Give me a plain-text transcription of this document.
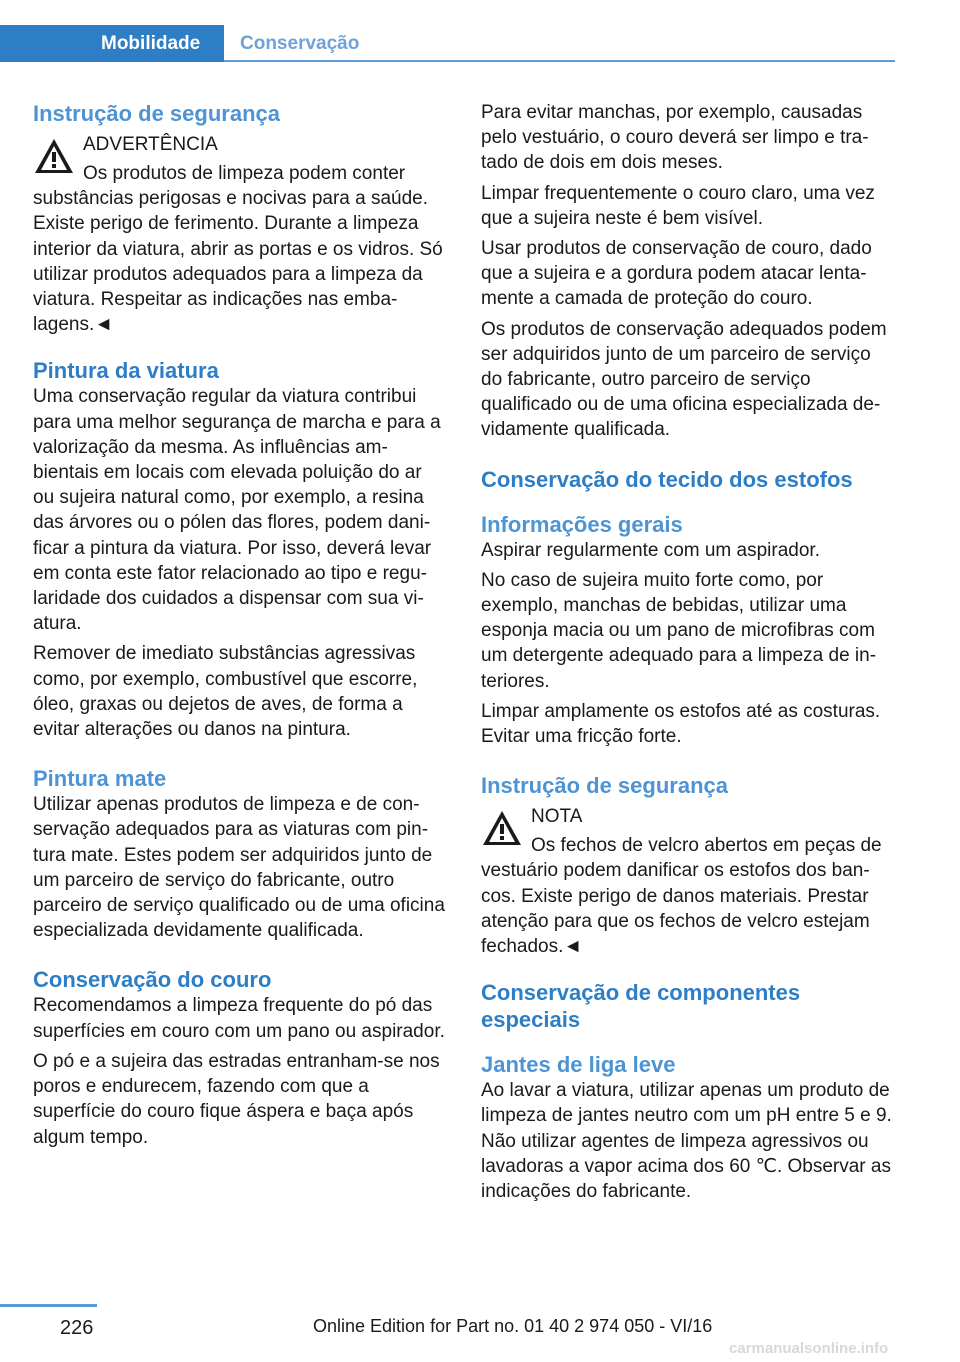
Mobilidade	Conservação
Instrução de segurança
ADVERTÊNCIA

Os produtos de limpeza podem conter substâncias perigosas e nocivas para a saúde. Existe perigo de ferimento. Durante a limpeza interior da viatura, abrir as portas e os vidros. Só utilizar produtos adequados para a limpeza da viatura. Respeitar as indicações nas embalagens.◄

Pintura da viatura

Uma conservação regular da viatura contribui para uma melhor segurança de marcha e para a valorização da mesma. As influências ambientais em locais com elevada poluição do ar ou sujeira natural como, por exemplo, a resina das árvores ou o pólen das flores, podem danificar a pintura da viatura. Por isso, deverá levar em conta este fator relacionado ao tipo e regularidade dos cuidados a dispensar com sua viatura.

Remover de imediato substâncias agressivas como, por exemplo, combustível que escorre, óleo, graxas ou dejetos de aves, de forma a evitar alterações ou danos na pintura.

Pintura mate

Utilizar apenas produtos de limpeza e de conservação adequados para as viaturas com pintura mate. Estes podem ser adquiridos junto de um parceiro de serviço do fabricante, outro parceiro de serviço qualificado ou de uma oficina especializada devidamente qualificada.

Conservação do couro

Recomendamos a limpeza frequente do pó das superfícies em couro com um pano ou aspirador.

O pó e a sujeira das estradas entranham-se nos poros e endurecem, fazendo com que a superfície do couro fique áspera e baça após algum tempo.

Para evitar manchas, por exemplo, causadas pelo vestuário, o couro deverá ser limpo e tratado de dois em dois meses.

Limpar frequentemente o couro claro, uma vez que a sujeira neste é bem visível.

Usar produtos de conservação de couro, dado que a sujeira e a gordura podem atacar lentamente a camada de proteção do couro.

Os produtos de conservação adequados podem ser adquiridos junto de um parceiro de serviço do fabricante, outro parceiro de serviço qualificado ou de uma oficina especializada devidamente qualificada.

Conservação do tecido dos estofos
Informações gerais

Aspirar regularmente com um aspirador.

No caso de sujeira muito forte como, por exemplo, manchas de bebidas, utilizar uma esponja macia ou um pano de microfibras com um detergente adequado para a limpeza de interiores.

Limpar amplamente os estofos até as costuras. Evitar uma fricção forte.

Instrução de segurança
NOTA

Os fechos de velcro abertos em peças de vestuário podem danificar os estofos dos bancos. Existe perigo de danos materiais. Prestar atenção para que os fechos de velcro estejam fechados.◄

Conservação de componentes especiais
Jantes de liga leve

Ao lavar a viatura, utilizar apenas um produto de limpeza de jantes neutro com um pH entre 5 e 9. Não utilizar agentes de limpeza agressivos ou lavadoras a vapor acima dos 60 ℃. Observar as indicações do fabricante.

226	Online Edition for Part no. 01 40 2 974 050 - VI/16
carmanualsonline.info
